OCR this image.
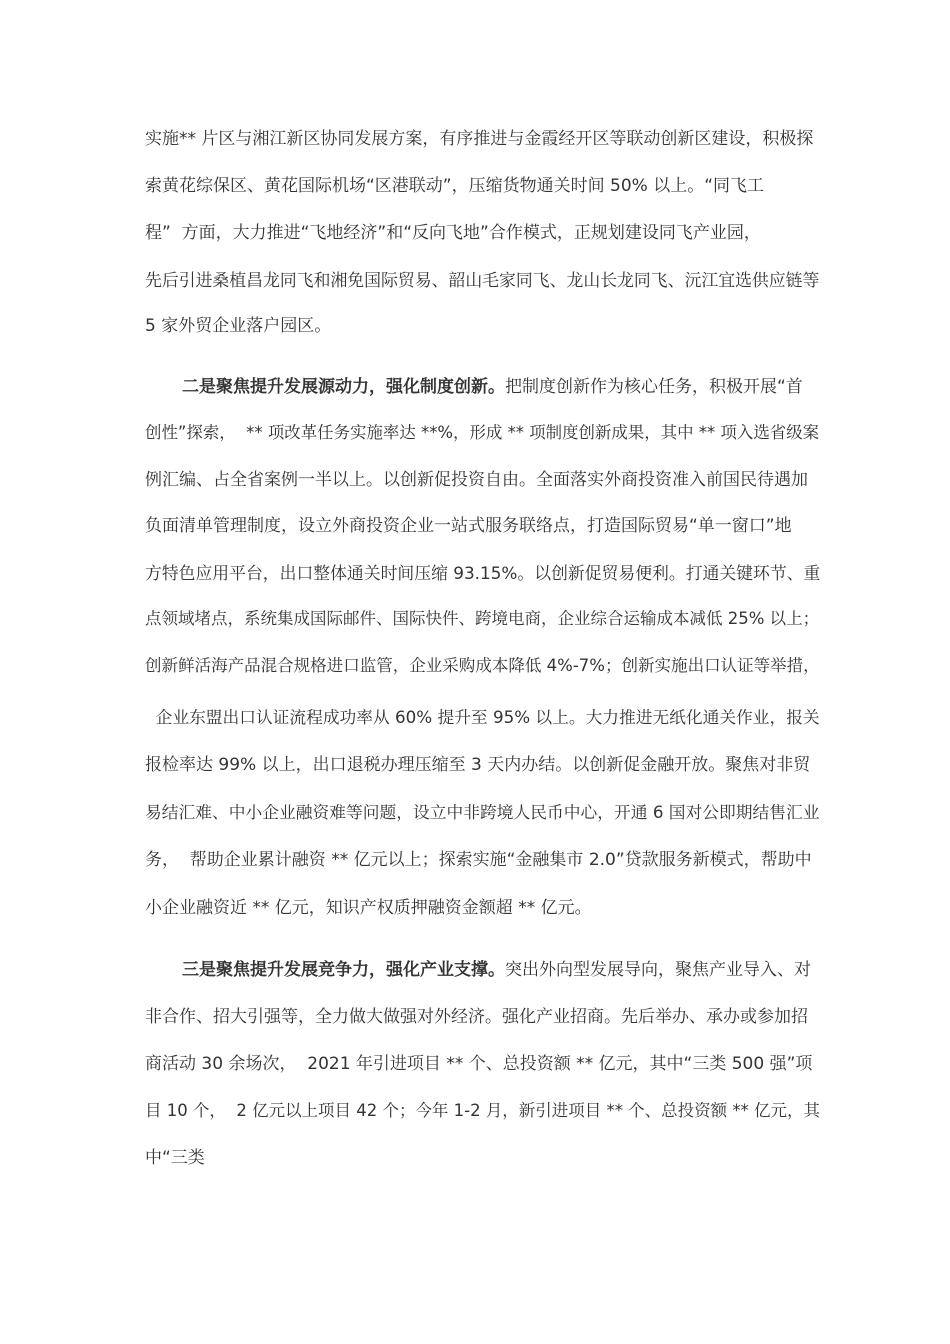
实施** 片区与湘江新区协同发展方案，有序推进与金霞经开区等联动创新区建设，积极探
索黄花综保区、黄花国际机场“区港联动”，压缩货物通关时间 50% 以上。“同飞工
程”  方面，大力推进“飞地经济”和“反向飞地”合作模式，正规划建设同飞产业园，
先后引进桑植昌龙同飞和湘免国际贸易、韶山毛家同飞、龙山长龙同飞、沅江宜选供应链等
5 家外贸企业落户园区。
二是聚焦提升发展源动力，强化制度创新。把制度创新作为核心任务，积极开展“首
创性”探索，  ** 项改革任务实施率达 **%，形成 ** 项制度创新成果，其中 ** 项入选省级案
例汇编、占全省案例一半以上。以创新促投资自由。全面落实外商投资准入前国民待遇加
负面清单管理制度，设立外商投资企业一站式服务联络点，打造国际贸易“单一窗口”地
方特色应用平台，出口整体通关时间压缩 93.15%。以创新促贸易便利。打通关键环节、重
点领域堵点，系统集成国际邮件、国际快件、跨境电商，企业综合运输成本减低 25% 以上；
创新鲜活海产品混合规格进口监管，企业采购成本降低 4%-7%；创新实施出口认证等举措，
企业东盟出口认证流程成功率从 60% 提升至 95% 以上。大力推进无纸化通关作业，报关
报检率达 99% 以上，出口退税办理压缩至 3 天内办结。以创新促金融开放。聚焦对非贸
易结汇难、中小企业融资难等问题，设立中非跨境人民币中心，开通 6 国对公即期结售汇业
务，  帮助企业累计融资 ** 亿元以上；探索实施“金融集市 2.0”贷款服务新模式，帮助中
小企业融资近 ** 亿元，知识产权质押融资金额超 ** 亿元。
三是聚焦提升发展竞争力，强化产业支撑。突出外向型发展导向，聚焦产业导入、对
非合作、招大引强等，全力做大做强对外经济。强化产业招商。先后举办、承办或参加招
商活动 30 余场次，  2021 年引进项目 ** 个、总投资额 ** 亿元，其中“三类 500 强”项
目 10 个，  2 亿元以上项目 42 个；今年 1-2 月，新引进项目 ** 个、总投资额 ** 亿元，其
中“三类
